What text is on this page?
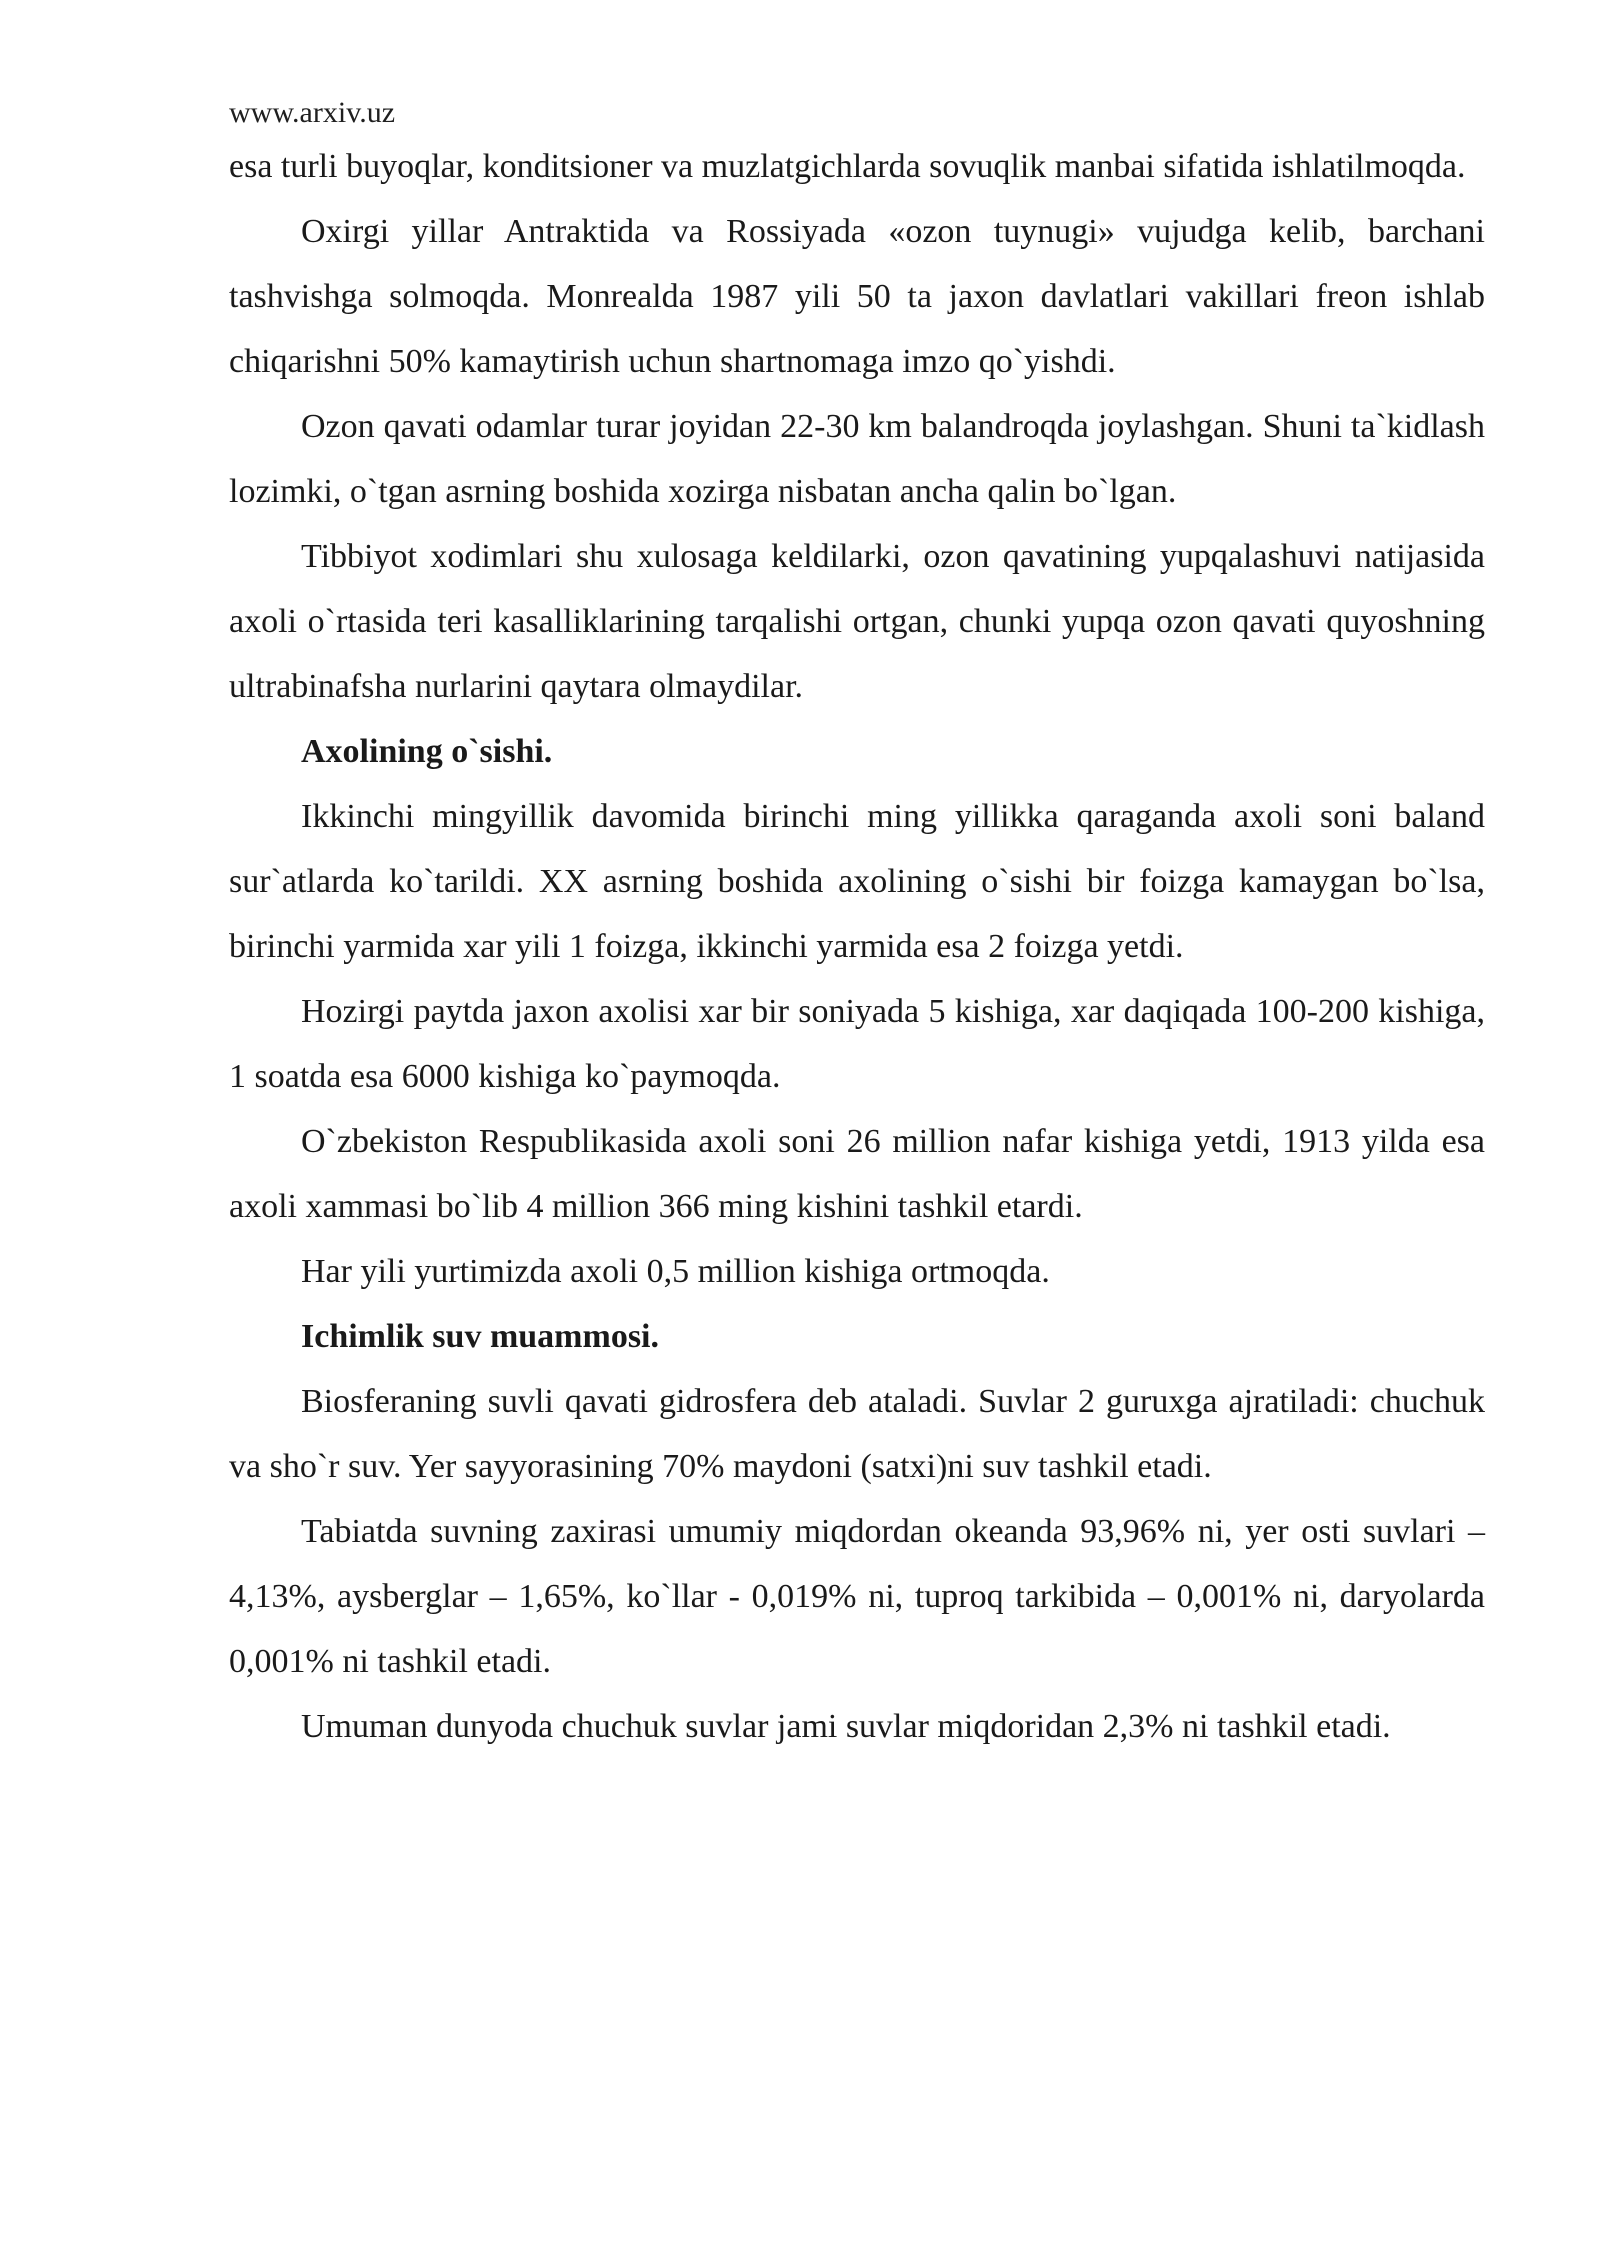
www.arxiv.uz

esa turli buyoqlar, konditsioner va muzlatgichlarda sovuqlik manbai sifatida ishlatilmoqda.

Oxirgi yillar Antraktida va Rossiyada «ozon tuynugi» vujudga kelib, barchani tashvishga solmoqda. Monrealda 1987 yili 50 ta jaxon davlatlari vakillari freon ishlab chiqarishni 50% kamaytirish uchun shartnomaga imzo qo`yishdi.

Ozon qavati odamlar turar joyidan 22-30 km balandroqda joylashgan. Shuni ta`kidlash lozimki, o`tgan asrning boshida xozirga nisbatan ancha qalin bo`lgan.

Tibbiyot xodimlari shu xulosaga keldilarki, ozon qavatining yupqalashuvi natijasida axoli o`rtasida teri kasalliklarining tarqalishi ortgan, chunki yupqa ozon qavati quyoshning ultrabinafsha nurlarini qaytara olmaydilar.

Axolining o`sishi.

Ikkinchi mingyillik davomida birinchi ming yillikka qaraganda axoli soni baland sur`atlarda ko`tarildi. XX asrning boshida axolining o`sishi bir foizga kamaygan bo`lsa, birinchi yarmida xar yili 1 foizga, ikkinchi yarmida esa 2 foizga yetdi.

Hozirgi paytda jaxon axolisi xar bir soniyada 5 kishiga, xar daqiqada 100-200 kishiga, 1 soatda esa 6000 kishiga ko`paymoqda.

O`zbekiston Respublikasida axoli soni 26 million nafar kishiga yetdi, 1913 yilda esa axoli xammasi bo`lib 4 million 366 ming kishini tashkil etardi.

Har yili yurtimizda axoli 0,5 million kishiga ortmoqda.

Ichimlik suv muammosi.

Biosferaning suvli qavati gidrosfera deb ataladi. Suvlar 2 guruxga ajratiladi: chuchuk va sho`r suv. Yer sayyorasining 70% maydoni (satxi)ni suv tashkil etadi.

Tabiatda suvning zaxirasi umumiy miqdordan okeanda 93,96% ni, yer osti suvlari – 4,13%, aysberglar – 1,65%, ko`llar - 0,019% ni, tuproq tarkibida – 0,001% ni, daryolarda 0,001% ni tashkil etadi.

Umuman dunyoda chuchuk suvlar jami suvlar miqdoridan 2,3% ni tashkil etadi.
